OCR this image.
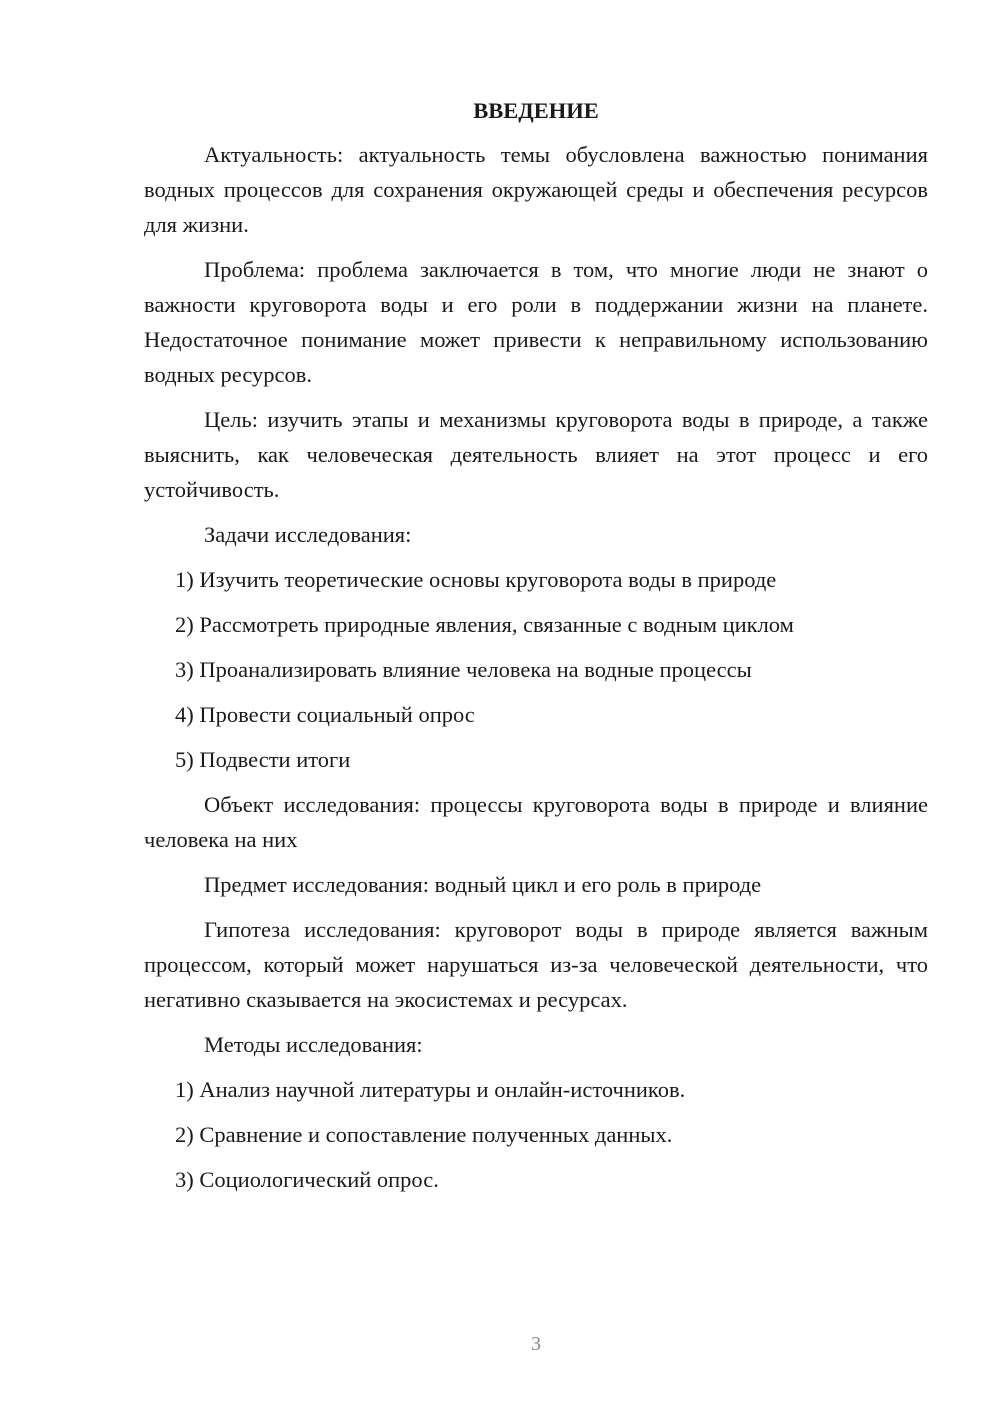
ВВЕДЕНИЕ

Актуальность: актуальность темы обусловлена важностью понимания водных процессов для сохранения окружающей среды и обеспечения ресурсов для жизни.

Проблема: проблема заключается в том, что многие люди не знают о важности круговорота воды и его роли в поддержании жизни на планете. Недостаточное понимание может привести к неправильному использованию водных ресурсов.

Цель: изучить этапы и механизмы круговорота воды в природе, а также выяснить, как человеческая деятельность влияет на этот процесс и его устойчивость.

Задачи исследования:

1) Изучить теоретические основы круговорота воды в природе

2) Рассмотреть природные явления, связанные с водным циклом

3) Проанализировать влияние человека на водные процессы

4) Провести социальный опрос

5) Подвести итоги

Объект исследования: процессы круговорота воды в природе и влияние человека на них

Предмет исследования: водный цикл и его роль в природе

Гипотеза исследования: круговорот воды в природе является важным процессом, который может нарушаться из-за человеческой деятельности, что негативно сказывается на экосистемах и ресурсах.

Методы исследования:

1) Анализ научной литературы и онлайн-источников.

2) Сравнение и сопоставление полученных данных.

3) Социологический опрос.

3
